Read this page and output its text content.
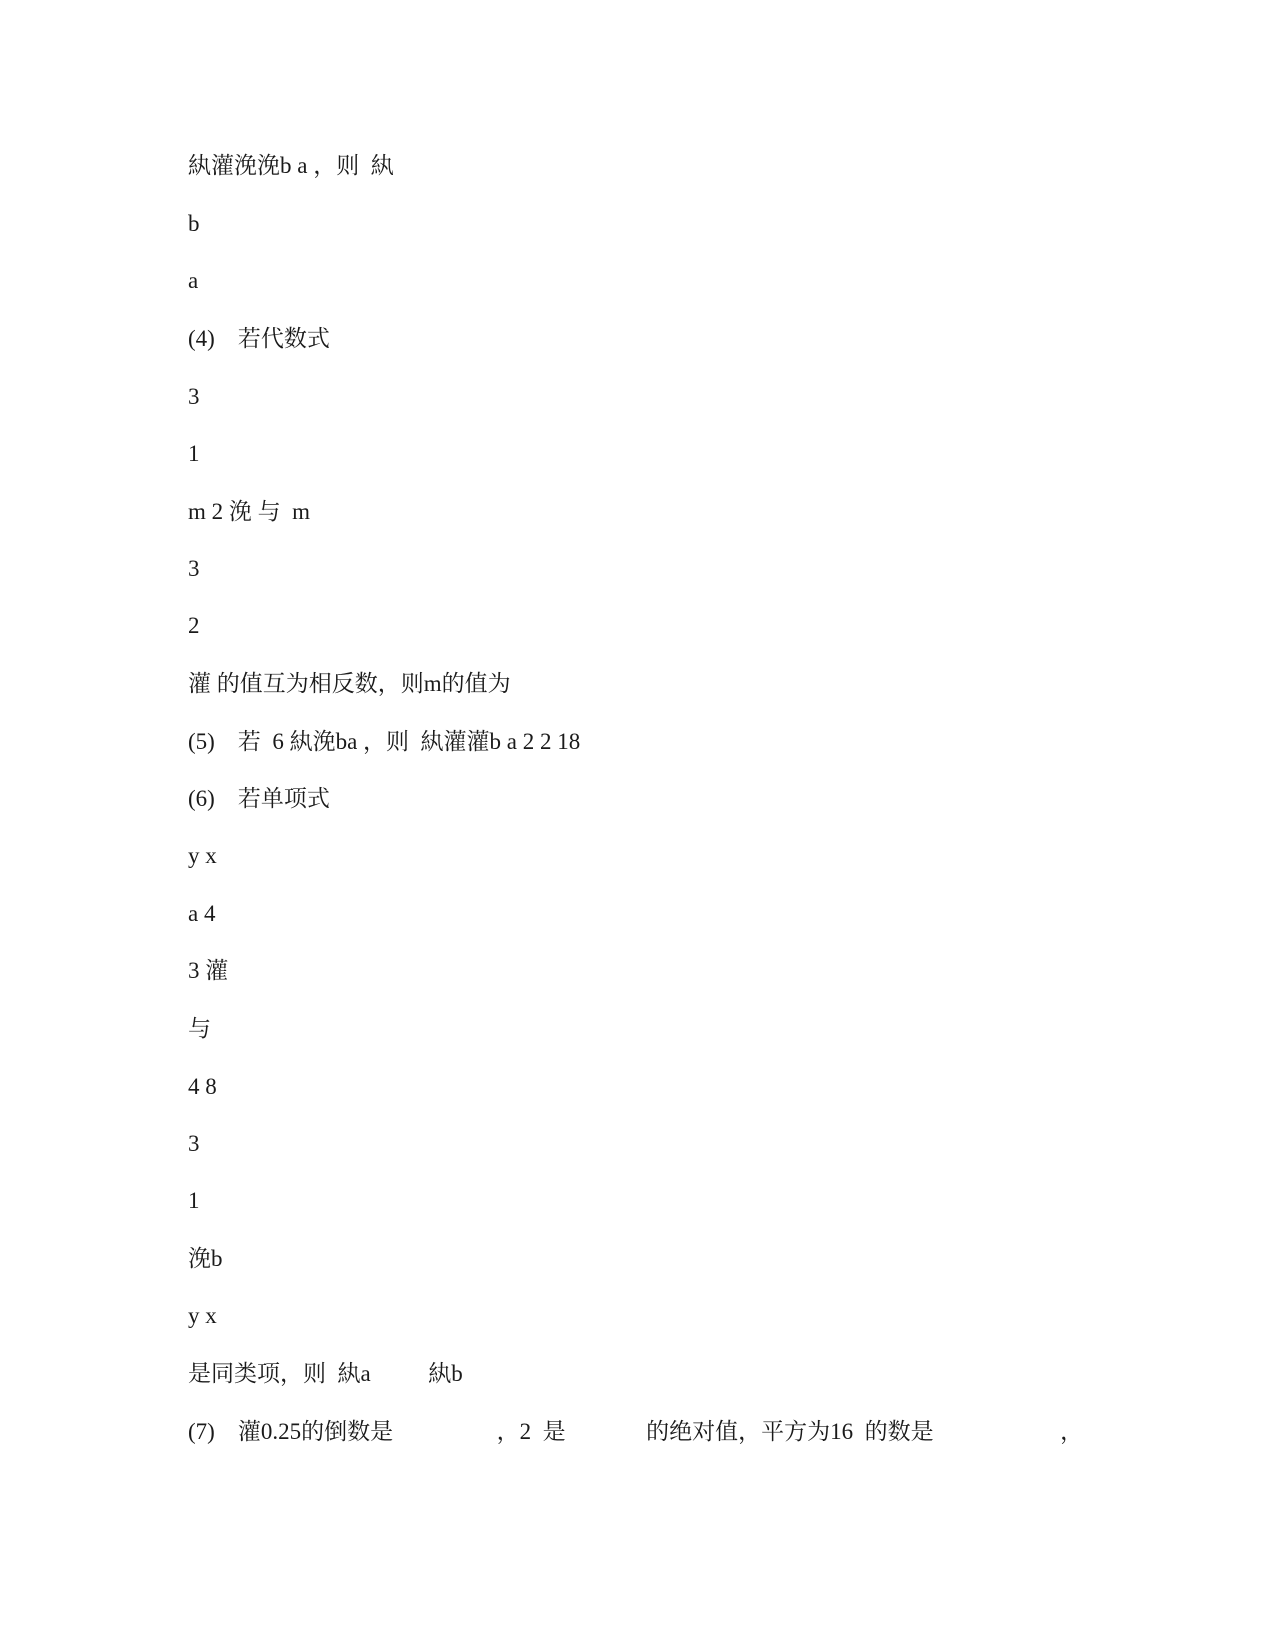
紈灌浼浼b a ，则  紈
b
a
(4)    若代数式
3
1
m 2 浼 与  m
3
2
灌 的值互为相反数，则m的值为
(5)    若  6 紈浼ba ，则  紈灌灌b a 2 2 18
(6)    若单项式
y x
a 4
3 灌
与
4 8
3
1
浼b
y x
是同类项，则  紈a          紈b
(7)    灌0.25的倒数是                  ，2  是              的绝对值，平方为16  的数是                      ，
